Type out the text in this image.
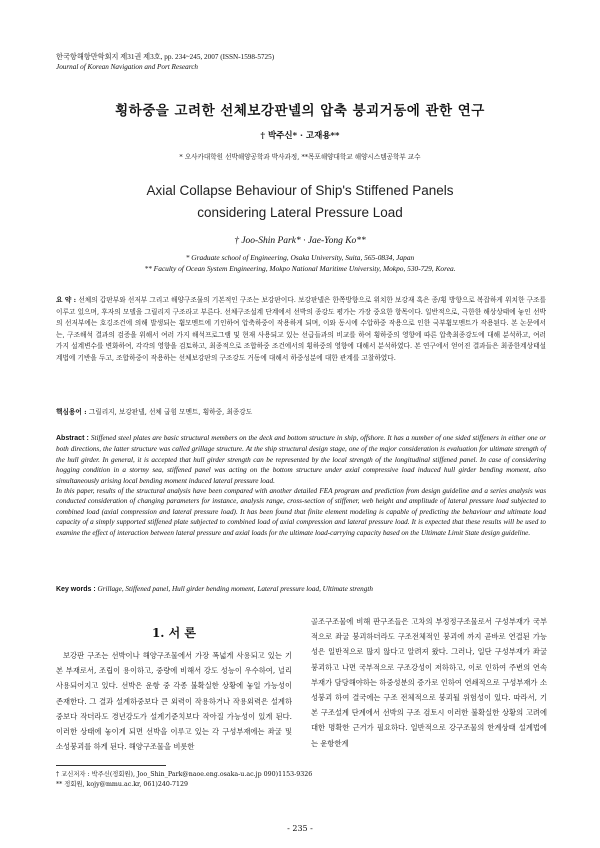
한국항해항만학회지 제31권 제3호, pp. 234~245, 2007 (ISSN-1598-5725)
Journal of Korean Navigation and Port Research
횡하중을 고려한 선체보강판넬의 압축 붕괴거동에 관한 연구
† 박주신* · 고재용**
* 오사카대학원 선박해양공학과 박사과정, **목포해양대학교 해양시스템공학부 교수
Axial Collapse Behaviour of Ship's Stiffened Panels
considering Lateral Pressure Load
† Joo-Shin Park* · Jae-Yong Ko**
* Graduate school of Engineering, Osaka University, Suita, 565-0834, Japan
** Faculty of Ocean System Engineering, Mokpo National Maritime University, Mokpo, 530-729, Korea.
요 약 : 선체의 갑판부와 선저부 그리고 해양구조물의 기본적인 구조는 보강판이다. 보강판넬은 한쪽방향으로 위치한 보강재 혹은 종/횡 방향으로 복잡하게 위치한 구조를 이루고 있으며, 후자의 모델을 그릴리지 구조라고 부른다. 선체구조설계 단계에서 선박의 종강도 평가는 가장 중요한 항목이다. 일반적으로, 극한한 해상상태에 놓인 선박의 선저부에는 호깅조건에 의해 발생되는 휨모멘트에 기인하여 압축하중이 작용하게 되며, 이와 동시에 수압하중 작용으로 인한 국부휨모멘트가 작용된다. 본 논문에서는, 구조해석 결과의 검증을 위해서 여러 가지 해석프로그램 및 현재 사용되고 있는 선급들과의 비교를 하여 횡하중의 영향에 따른 압축최종강도에 대해 분석하고, 여러 가지 설계변수를 변화하여, 각각의 영향을 검토하고, 최종적으로 조합하중 조건에서의 횡하중의 영향에 대해서 분석하였다. 본 연구에서 얻어진 결과들은 최종한계상태설계법에 기반을 두고, 조합하중이 작용하는 선체보강판의 구조강도 거동에 대해서 하중성분에 대한 관계를 고찰하였다.
핵심용어 : 그릴리지, 보강판넬, 선체 굽힘 모멘트, 횡하중, 최종강도
Abstract : Stiffened steel plates are basic structural members on the deck and bottom structure in ship, offshore. It has a number of one sided stiffeners in either one or both directions, the latter structure was called grillage structure. At the ship structural design stage, one of the major consideration is evaluation for ultimate strength of the hull girder. In general, it is accepted that hull girder strength can be represented by the local strength of the longitudinal stiffened panel. In case of considering hogging condition in a stormy sea, stiffened panel was acting on the bottom structure under axial compressive load induced hull girder bending moment, also simultaneously arising local bending moment induced lateral pressure load.
In this paper, results of the structural analysis have been compared with another detailed FEA program and prediction from design guideline and a series analysis was conducted consideration of changing parameters for instance, analysis range, cross-section of stiffener, web height and amplitude of lateral pressure load subjected to combined load (axial compression and lateral pressure load). It has been found that finite element modeling is capable of predicting the behaviour and ultimate load capacity of a simply supported stiffened plate subjected to combined load of axial compression and lateral pressure load. It is expected that these results will be used to examine the effect of interaction between lateral pressure and axial loads for the ultimate load-carrying capacity based on the Ultimate Limit State design guideline.
Key words : Grillage, Stiffened panel, Hull girder bending moment, Lateral pressure load, Ultimate strength
1. 서 론
보강판 구조는 선박이나 해양구조물에서 가장 폭넓게 사용되고 있는 기본 부재로서, 조립이 용이하고, 중량에 비해서 강도 성능이 우수하여, 널리 사용되어지고 있다. 선박은 운항 중 각종 불확실한 상황에 놓일 가능성이 존재한다. 그 결과 설계하중보다 큰 외력이 작용하거나 작용외력은 설계하중보다 작더라도 경년강도가 설계기준치보다 작아질 가능성이 있게 된다. 이러한 상태에 놓이게 되면 선박을 이루고 있는 각 구성부재에는 좌굴 및 소성붕괴를 하게 된다. 해양구조물을 비롯한
골조구조물에 비해 판구조들은 고차의 부정정구조물로서 구성부재가 국부적으로 좌굴 붕괴하더라도 구조전체적인 붕괴에 까지 곧바로 연결된 가능성은 일반적으로 많지 않다고 알려져 왔다. 그러나, 일단 구성부재가 좌굴 붕괴하고 나면 국부적으로 구조강성이 저하하고, 이로 인하여 주변의 연속부재가 담당해야하는 하중성분의 증가로 인하여 연쇄적으로 구성부재가 소성붕괴 하여 결국에는 구조 전체적으로 붕괴될 위험성이 있다. 따라서, 기본 구조설계 단계에서 선박의 구조 검토시 이러한 불확실한 상황의 고려에 대한 명확한 근거가 필요하다. 일반적으로 강구조물의 한계상태 설계법에는 운항한계
† 교신저자 : 박주신(정회원), Joo_Shin_Park@naoe.eng.osaka-u.ac.jp 090)1153-9326
** 정회원, kojy@mmu.ac.kr, 061)240-7129
- 235 -
